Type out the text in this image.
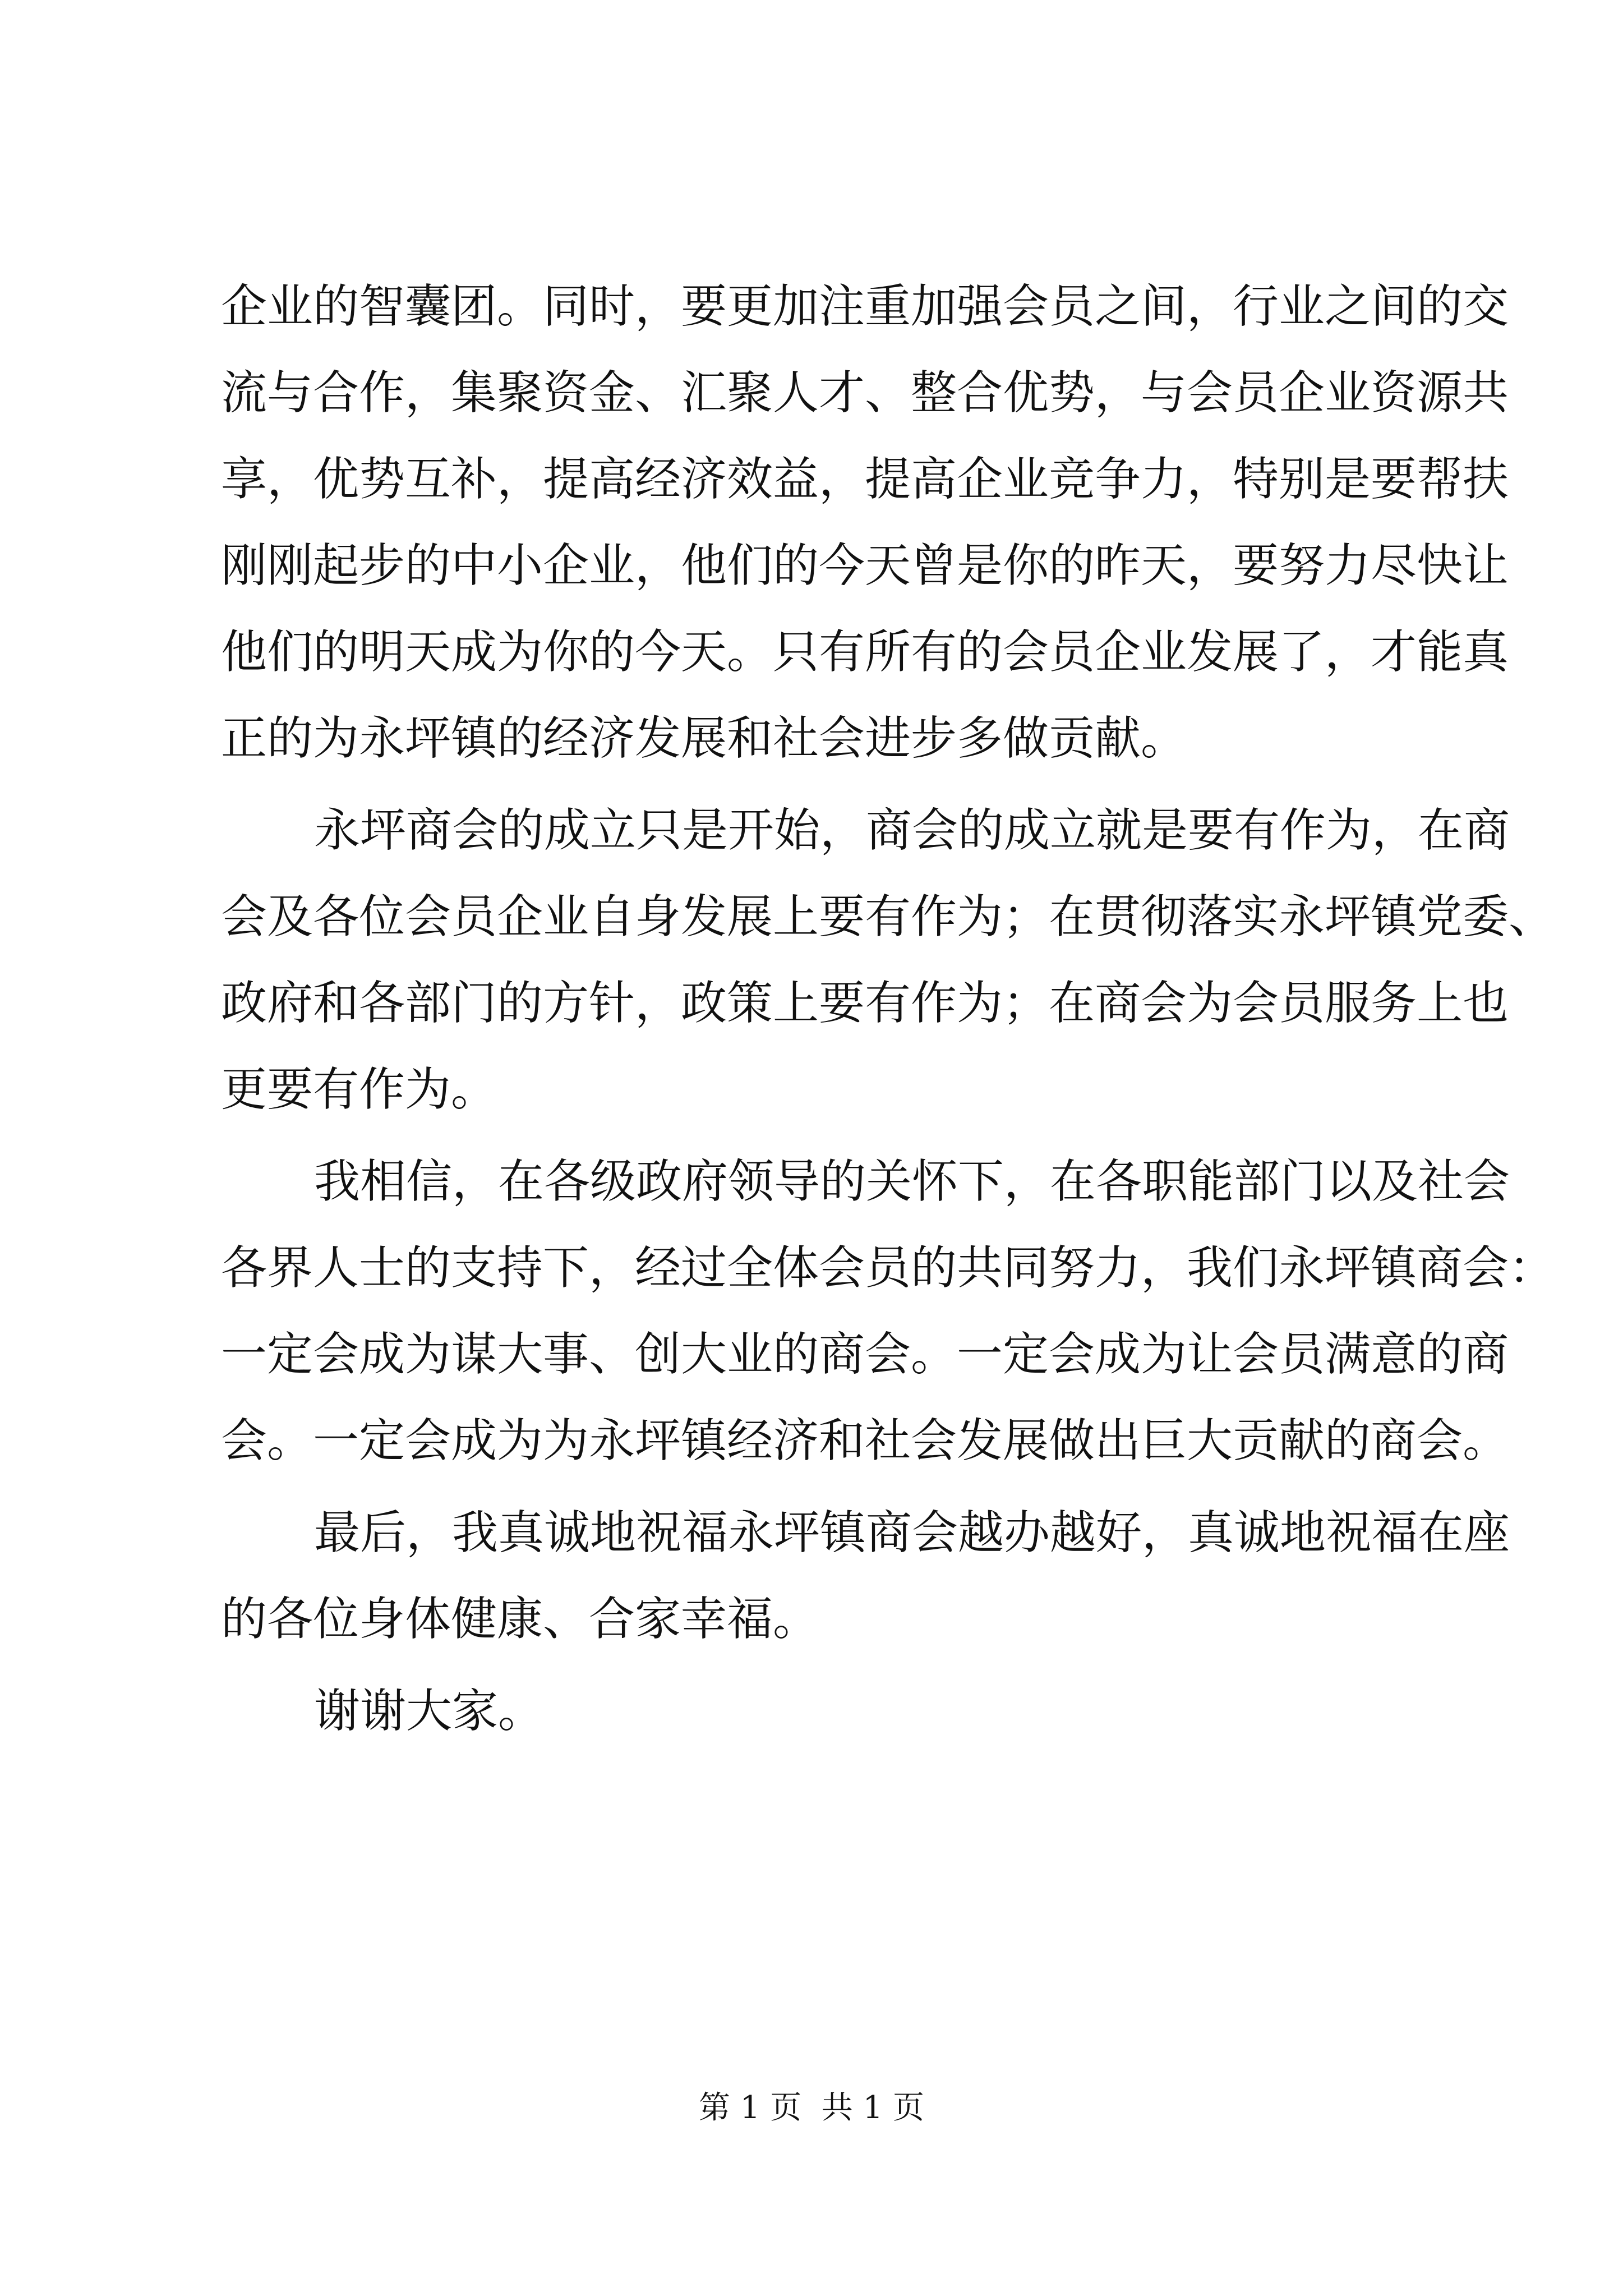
企业的智囊团。同时，要更加注重加强会员之间，行业之间的交
流与合作，集聚资金、汇聚人才、整合优势，与会员企业资源共
享，优势互补，提高经济效益，提高企业竞争力，特别是要帮扶
刚刚起步的中小企业，他们的今天曾是你的昨天，要努力尽快让
他们的明天成为你的今天。只有所有的会员企业发展了，才能真
正的为永坪镇的经济发展和社会进步多做贡献。

永坪商会的成立只是开始，商会的成立就是要有作为，在商
会及各位会员企业自身发展上要有作为；在贯彻落实永坪镇党委、
政府和各部门的方针，政策上要有作为；在商会为会员服务上也
更要有作为。

我相信，在各级政府领导的关怀下，在各职能部门以及社会
各界人士的支持下，经过全体会员的共同努力，我们永坪镇商会：
一定会成为谋大事、创大业的商会。一定会成为让会员满意的商
会。一定会成为为永坪镇经济和社会发展做出巨大贡献的商会。

最后，我真诚地祝福永坪镇商会越办越好，真诚地祝福在座
的各位身体健康、合家幸福。

谢谢大家。

第 1 页  共 1 页
